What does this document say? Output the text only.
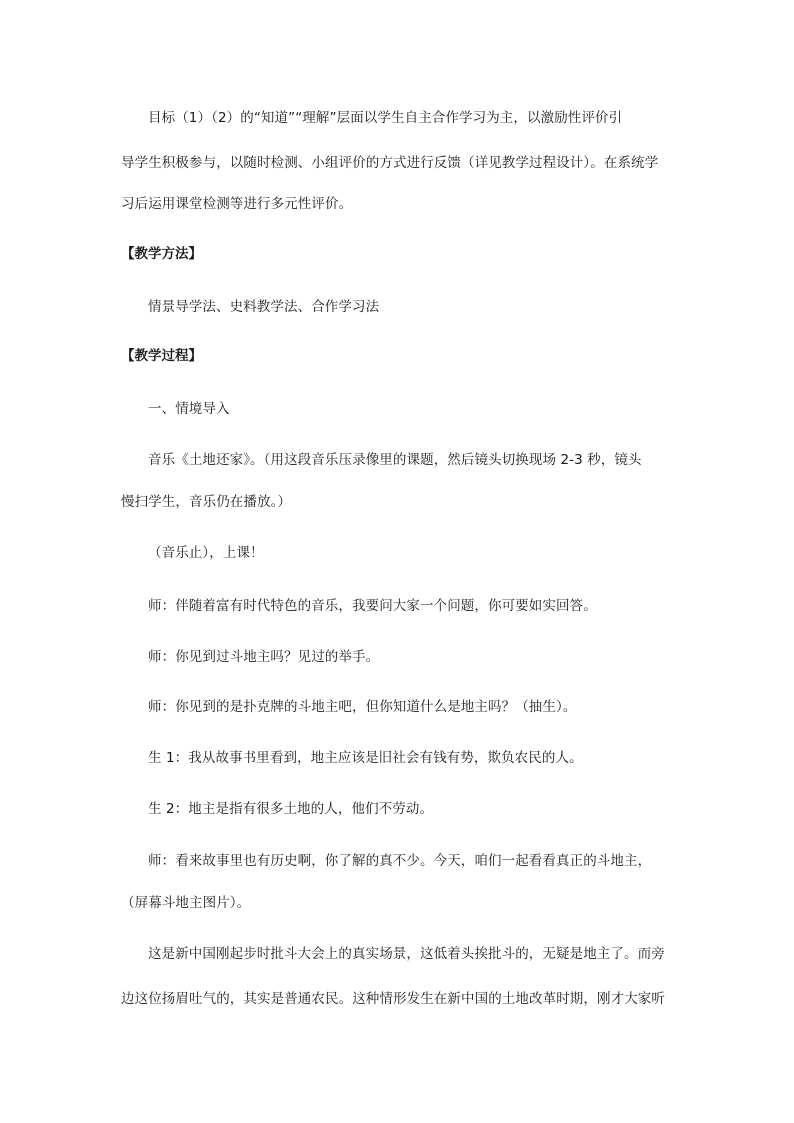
目标（1）（2）的“知道”“理解”层面以学生自主合作学习为主，以激励性评价引
导学生积极参与，以随时检测、小组评价的方式进行反馈（详见教学过程设计）。在系统学
习后运用课堂检测等进行多元性评价。
【教学方法】
情景导学法、史料教学法、合作学习法
【教学过程】
一、情境导入
音乐《土地还家》。（用这段音乐压录像里的课题，然后镜头切换现场 2-3 秒，镜头
慢扫学生，音乐仍在播放。）
（音乐止），上课！
师：伴随着富有时代特色的音乐，我要问大家一个问题，你可要如实回答。
师：你见到过斗地主吗？见过的举手。
师：你见到的是扑克牌的斗地主吧，但你知道什么是地主吗？（抽生）。
生 1：我从故事书里看到，地主应该是旧社会有钱有势，欺负农民的人。
生 2：地主是指有很多土地的人，他们不劳动。
师：看来故事里也有历史啊，你了解的真不少。今天，咱们一起看看真正的斗地主，
（屏幕斗地主图片）。
这是新中国刚起步时批斗大会上的真实场景，这低着头挨批斗的，无疑是地主了。而旁
边这位扬眉吐气的，其实是普通农民。这种情形发生在新中国的土地改革时期，刚才大家听
